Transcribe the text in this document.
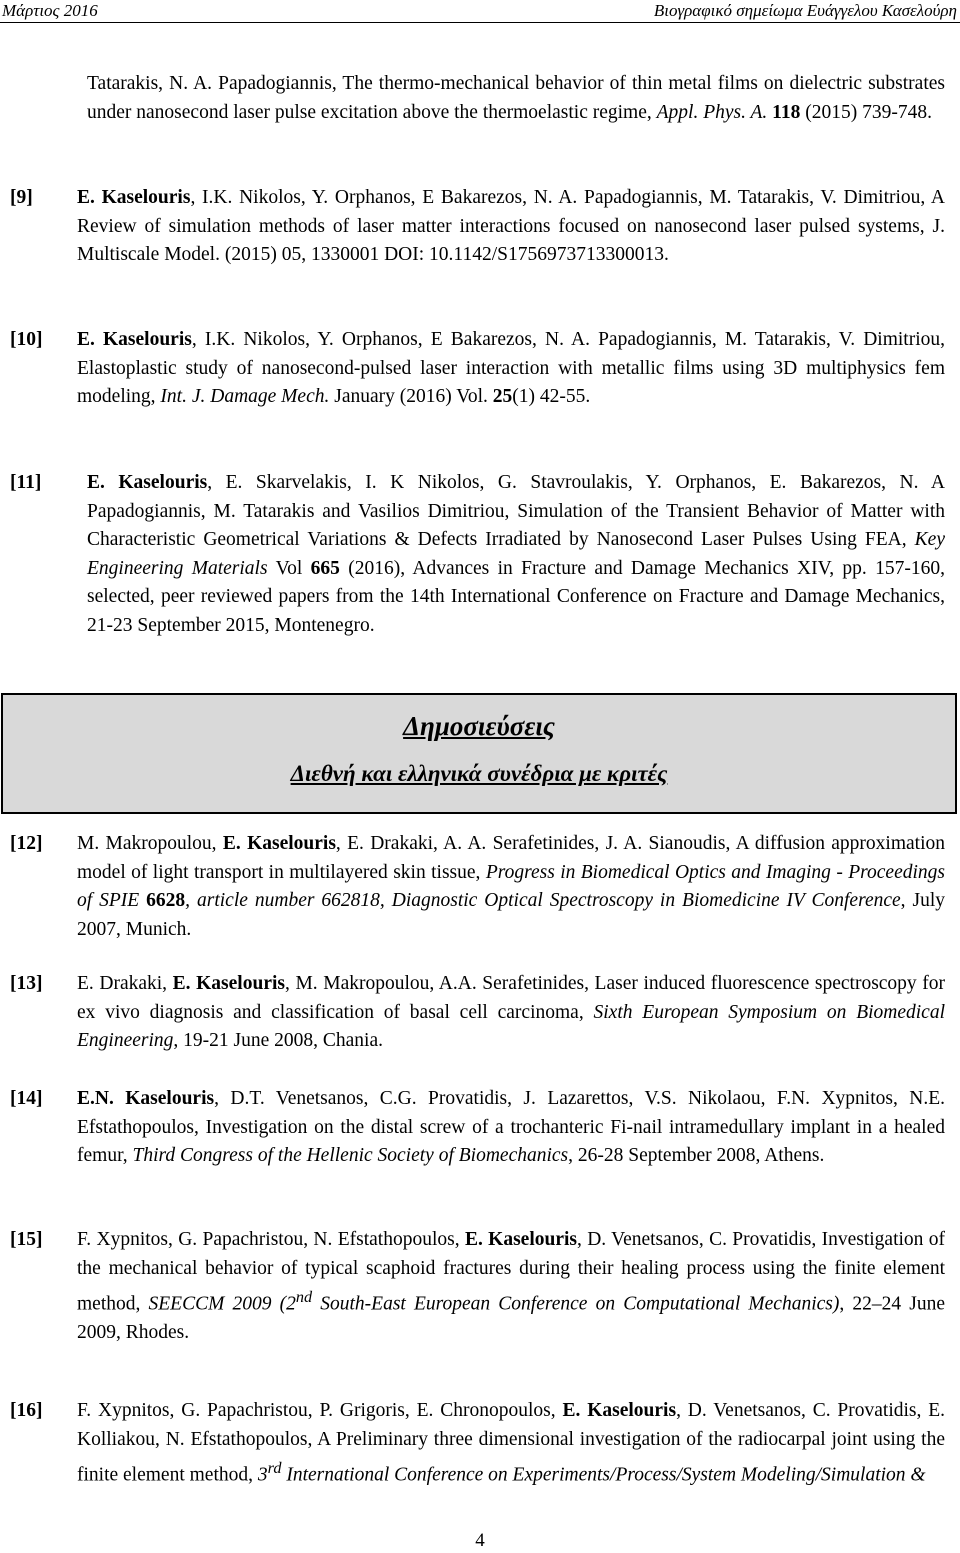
Μάρτιος 2016	Βιογραφικό σημείωμα Ευάγγελου Κασελούρη

Tatarakis, N. A. Papadogiannis, The thermo-mechanical behavior of thin metal films on dielectric substrates under nanosecond laser pulse excitation above the thermoelastic regime, Appl. Phys. A. 118 (2015) 739-748.

[9] E. Kaselouris, I.K. Nikolos, Y. Orphanos, E Bakarezos, N. A. Papadogiannis, M. Tatarakis, V. Dimitriou, A Review of simulation methods of laser matter interactions focused on nanosecond laser pulsed systems, J. Multiscale Model. (2015) 05, 1330001 DOI: 10.1142/S1756973713300013.

[10] E. Kaselouris, I.K. Nikolos, Y. Orphanos, E Bakarezos, N. A. Papadogiannis, M. Tatarakis, V. Dimitriou, Elastoplastic study of nanosecond-pulsed laser interaction with metallic films using 3D multiphysics fem modeling, Int. J. Damage Mech. January (2016) Vol. 25(1) 42-55.

[11] E. Kaselouris, E. Skarvelakis, I. K Nikolos, G. Stavroulakis, Y. Orphanos, E. Bakarezos, N. A Papadogiannis, M. Tatarakis and Vasilios Dimitriou, Simulation of the Transient Behavior of Matter with Characteristic Geometrical Variations & Defects Irradiated by Nanosecond Laser Pulses Using FEA, Key Engineering Materials Vol 665 (2016), Advances in Fracture and Damage Mechanics XIV, pp. 157-160, selected, peer reviewed papers from the 14th International Conference on Fracture and Damage Mechanics, 21-23 September 2015, Montenegro.

Δημοσιεύσεις
Διεθνή και ελληνικά συνέδρια με κριτές

[12] M. Makropoulou, E. Kaselouris, E. Drakaki, A. A. Serafetinides, J. A. Sianoudis, A diffusion approximation model of light transport in multilayered skin tissue, Progress in Biomedical Optics and Imaging - Proceedings of SPIE 6628, article number 662818, Diagnostic Optical Spectroscopy in Biomedicine IV Conference, July 2007, Munich.

[13] E. Drakaki, E. Kaselouris, M. Makropoulou, A.A. Serafetinides, Laser induced fluorescence spectroscopy for ex vivo diagnosis and classification of basal cell carcinoma, Sixth European Symposium on Biomedical Engineering, 19-21 June 2008, Chania.

[14] E.N. Kaselouris, D.T. Venetsanos, C.G. Provatidis, J. Lazarettos, V.S. Nikolaou, F.N. Xypnitos, N.E. Efstathopoulos, Investigation on the distal screw of a trochanteric Fi-nail intramedullary implant in a healed femur, Third Congress of the Hellenic Society of Biomechanics, 26-28 September 2008, Athens.

[15] F. Xypnitos, G. Papachristou, N. Efstathopoulos, E. Kaselouris, D. Venetsanos, C. Provatidis, Investigation of the mechanical behavior of typical scaphoid fractures during their healing process using the finite element method, SEECCM 2009 (2nd South-East European Conference on Computational Mechanics), 22–24 June 2009, Rhodes.

[16] F. Xypnitos, G. Papachristou, P. Grigoris, E. Chronopoulos, E. Kaselouris, D. Venetsanos, C. Provatidis, E. Kolliakou, N. Efstathopoulos, A Preliminary three dimensional investigation of the radiocarpal joint using the finite element method, 3rd International Conference on Experiments/Process/System Modeling/Simulation &

4
